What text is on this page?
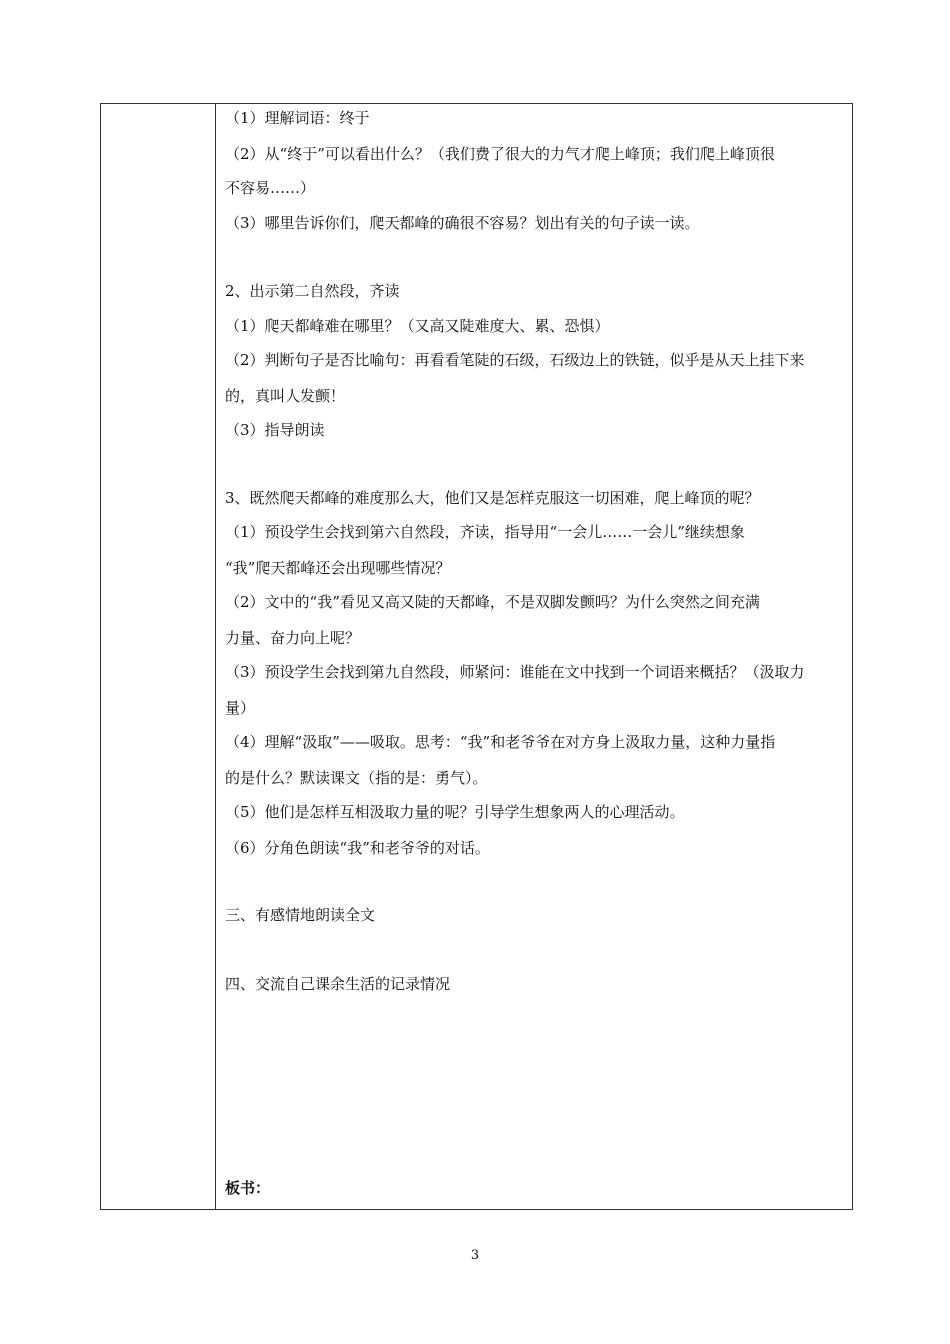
（1）理解词语：终于
（2）从“终于”可以看出什么？（我们费了很大的力气才爬上峰顶；我们爬上峰顶很
不容易……）
（3）哪里告诉你们，爬天都峰的确很不容易？划出有关的句子读一读。
2、出示第二自然段，齐读
（1）爬天都峰难在哪里？（又高又陡难度大、累、恐惧）
（2）判断句子是否比喻句：再看看笔陡的石级，石级边上的铁链，似乎是从天上挂下来
的，真叫人发颤！
（3）指导朗读
3、既然爬天都峰的难度那么大，他们又是怎样克服这一切困难，爬上峰顶的呢？
（1）预设学生会找到第六自然段，齐读，指导用“一会儿……一会儿”继续想象
“我”爬天都峰还会出现哪些情况？
（2）文中的“我”看见又高又陡的天都峰，不是双脚发颤吗？为什么突然之间充满
力量、奋力向上呢？
（3）预设学生会找到第九自然段，师紧问：谁能在文中找到一个词语来概括？（汲取力
量）
（4）理解“汲取”——吸取。思考：“我”和老爷爷在对方身上汲取力量，这种力量指
的是什么？默读课文（指的是：勇气）。
（5）他们是怎样互相汲取力量的呢？引导学生想象两人的心理活动。
（6）分角色朗读“我”和老爷爷的对话。
三、有感情地朗读全文
四、交流自己课余生活的记录情况
板书：
3
